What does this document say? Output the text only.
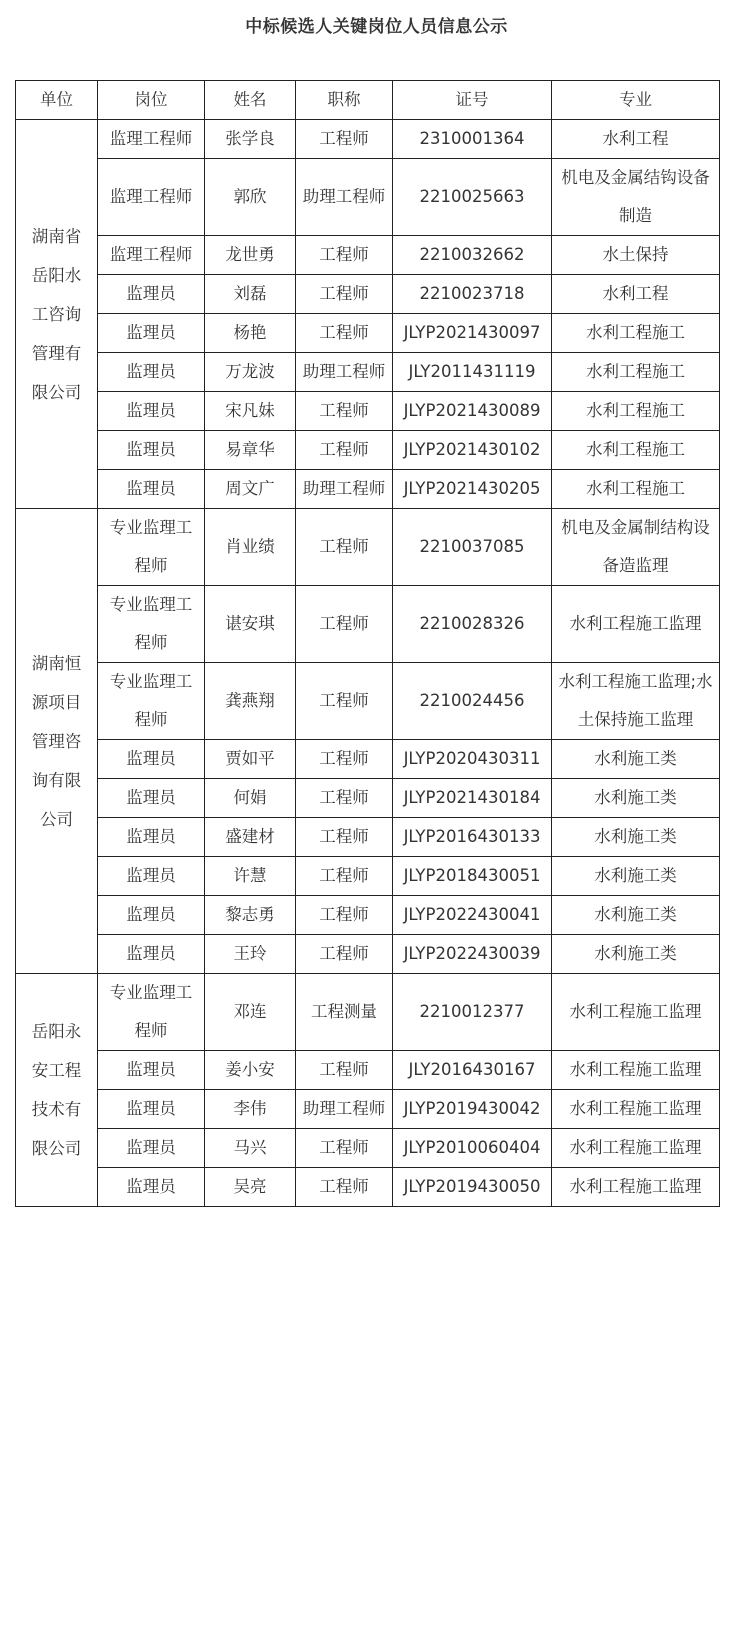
中标候选人关键岗位人员信息公示
单位	岗位	姓名	职称	证号	专业
湖南省岳阳水工咨询管理有限公司	监理工程师	张学良	工程师	2310001364	水利工程
	监理工程师	郭欣	助理工程师	2210025663	机电及金属结钩设备制造
	监理工程师	龙世勇	工程师	2210032662	水土保持
	监理员	刘磊	工程师	2210023718	水利工程
	监理员	杨艳	工程师	JLYP2021430097	水利工程施工
	监理员	万龙波	助理工程师	JLY2011431119	水利工程施工
	监理员	宋凡妹	工程师	JLYP2021430089	水利工程施工
	监理员	易章华	工程师	JLYP2021430102	水利工程施工
	监理员	周文广	助理工程师	JLYP2021430205	水利工程施工
湖南恒源项目管理咨询有限公司	专业监理工程师	肖业绩	工程师	2210037085	机电及金属制结构设备造监理
	专业监理工程师	谌安琪	工程师	2210028326	水利工程施工监理
	专业监理工程师	龚燕翔	工程师	2210024456	水利工程施工监理;水土保持施工监理
	监理员	贾如平	工程师	JLYP2020430311	水利施工类
	监理员	何娟	工程师	JLYP2021430184	水利施工类
	监理员	盛建材	工程师	JLYP2016430133	水利施工类
	监理员	许慧	工程师	JLYP2018430051	水利施工类
	监理员	黎志勇	工程师	JLYP2022430041	水利施工类
	监理员	王玲	工程师	JLYP2022430039	水利施工类
岳阳永安工程技术有限公司	专业监理工程师	邓连	工程测量	2210012377	水利工程施工监理
	监理员	姜小安	工程师	JLY2016430167	水利工程施工监理
	监理员	李伟	助理工程师	JLYP2019430042	水利工程施工监理
	监理员	马兴	工程师	JLYP2010060404	水利工程施工监理
	监理员	吴亮	工程师	JLYP2019430050	水利工程施工监理
